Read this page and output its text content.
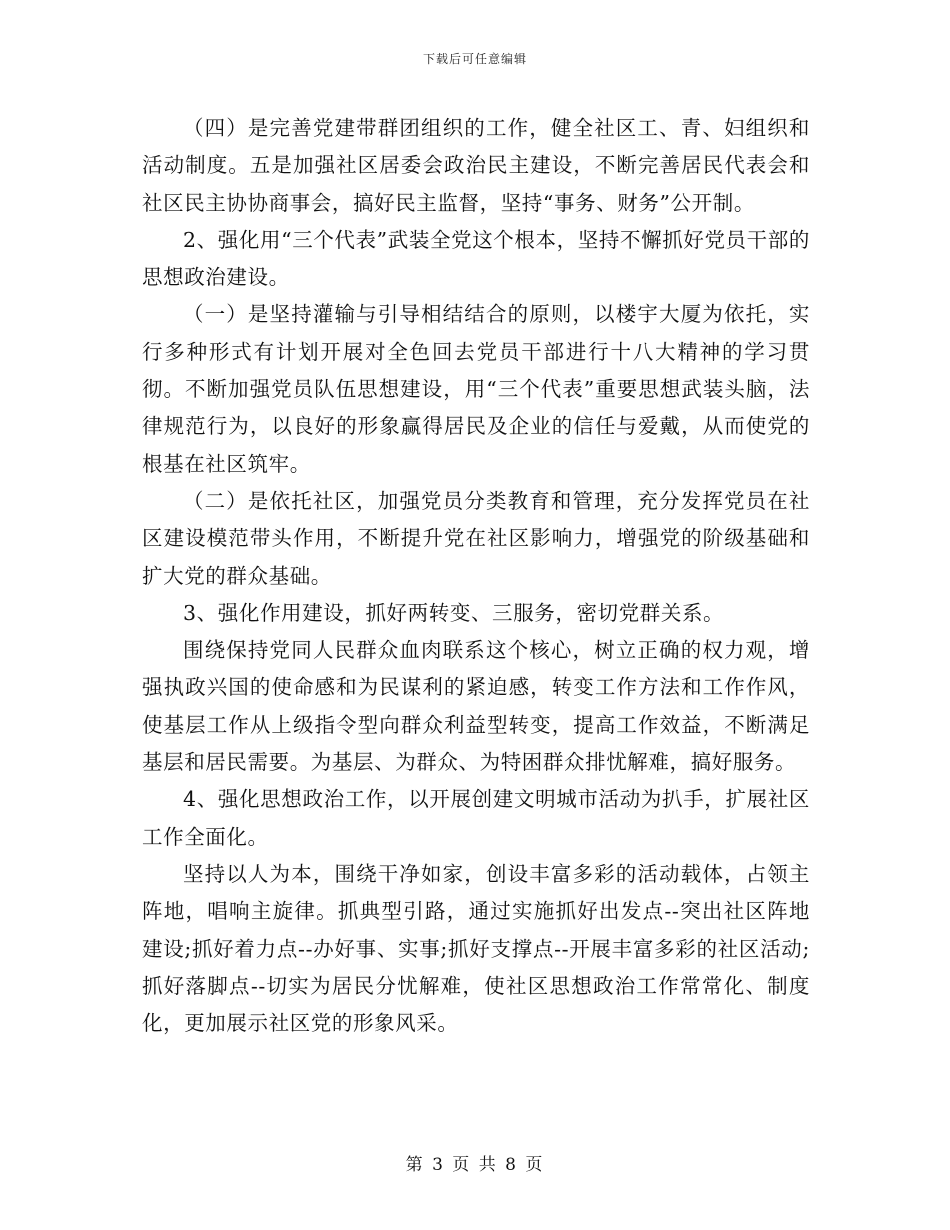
下载后可任意编辑

（四）是完善党建带群团组织的工作，健全社区工、青、妇组织和活动制度。五是加强社区居委会政治民主建设，不断完善居民代表会和社区民主协协商事会，搞好民主监督，坚持“事务、财务”公开制。

2、强化用“三个代表”武装全党这个根本，坚持不懈抓好党员干部的思想政治建设。

（一）是坚持灌输与引导相结结合的原则，以楼宇大厦为依托，实行多种形式有计划开展对全色回去党员干部进行十八大精神的学习贯彻。不断加强党员队伍思想建设，用“三个代表”重要思想武装头脑，法律规范行为，以良好的形象赢得居民及企业的信任与爱戴，从而使党的根基在社区筑牢。

（二）是依托社区，加强党员分类教育和管理，充分发挥党员在社区建设模范带头作用，不断提升党在社区影响力，增强党的阶级基础和扩大党的群众基础。

3、强化作用建设，抓好两转变、三服务，密切党群关系。

围绕保持党同人民群众血肉联系这个核心，树立正确的权力观，增强执政兴国的使命感和为民谋利的紧迫感，转变工作方法和工作作风，使基层工作从上级指令型向群众利益型转变，提高工作效益，不断满足基层和居民需要。为基层、为群众、为特困群众排忧解难，搞好服务。

4、强化思想政治工作，以开展创建文明城市活动为扒手，扩展社区工作全面化。

坚持以人为本，围绕干净如家，创设丰富多彩的活动载体，占领主阵地，唱响主旋律。抓典型引路，通过实施抓好出发点--突出社区阵地建设;抓好着力点--办好事、实事;抓好支撑点--开展丰富多彩的社区活动;抓好落脚点--切实为居民分忧解难，使社区思想政治工作常常化、制度化，更加展示社区党的形象风采。

第 3 页 共 8 页
